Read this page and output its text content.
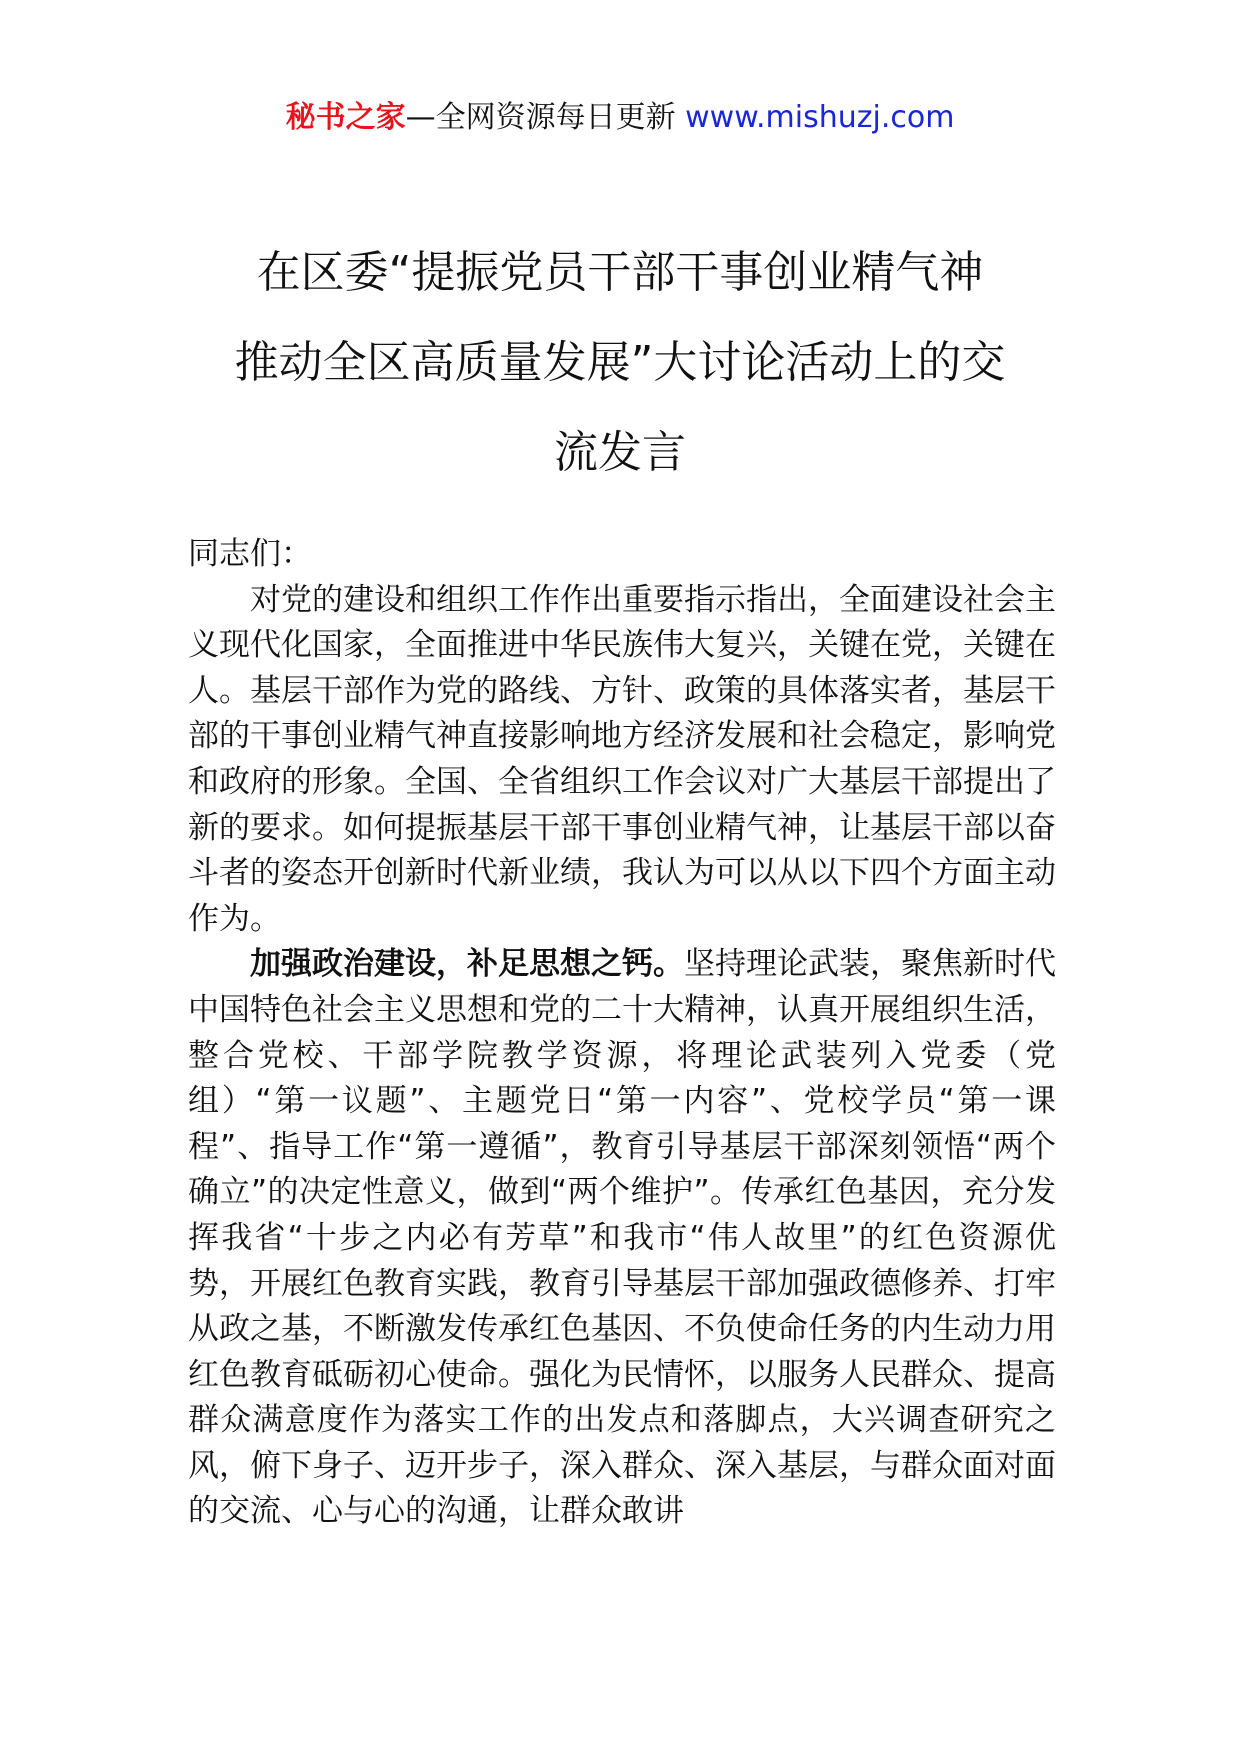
秘书之家—全网资源每日更新 www.mishuzj.com
在区委“提振党员干部干事创业精气神
推动全区高质量发展”大讨论活动上的交
流发言

同志们：

对党的建设和组织工作作出重要指示指出，全面建设社会主义现代化国家，全面推进中华民族伟大复兴，关键在党，关键在人。基层干部作为党的路线、方针、政策的具体落实者，基层干部的干事创业精气神直接影响地方经济发展和社会稳定，影响党和政府的形象。全国、全省组织工作会议对广大基层干部提出了新的要求。如何提振基层干部干事创业精气神，让基层干部以奋斗者的姿态开创新时代新业绩，我认为可以从以下四个方面主动作为。

加强政治建设，补足思想之钙。坚持理论武装，聚焦新时代中国特色社会主义思想和党的二十大精神，认真开展组织生活，整合党校、干部学院教学资源，将理论武装列入党委（党组）“第一议题”、主题党日“第一内容”、党校学员“第一课程”、指导工作“第一遵循”，教育引导基层干部深刻领悟“两个确立”的决定性意义，做到“两个维护”。传承红色基因，充分发挥我省“十步之内必有芳草”和我市“伟人故里”的红色资源优势，开展红色教育实践，教育引导基层干部加强政德修养、打牢从政之基，不断激发传承红色基因、不负使命任务的内生动力用红色教育砥砺初心使命。强化为民情怀，以服务人民群众、提高群众满意度作为落实工作的出发点和落脚点，大兴调查研究之风，俯下身子、迈开步子，深入群众、深入基层，与群众面对面的交流、心与心的沟通，让群众敢讲
